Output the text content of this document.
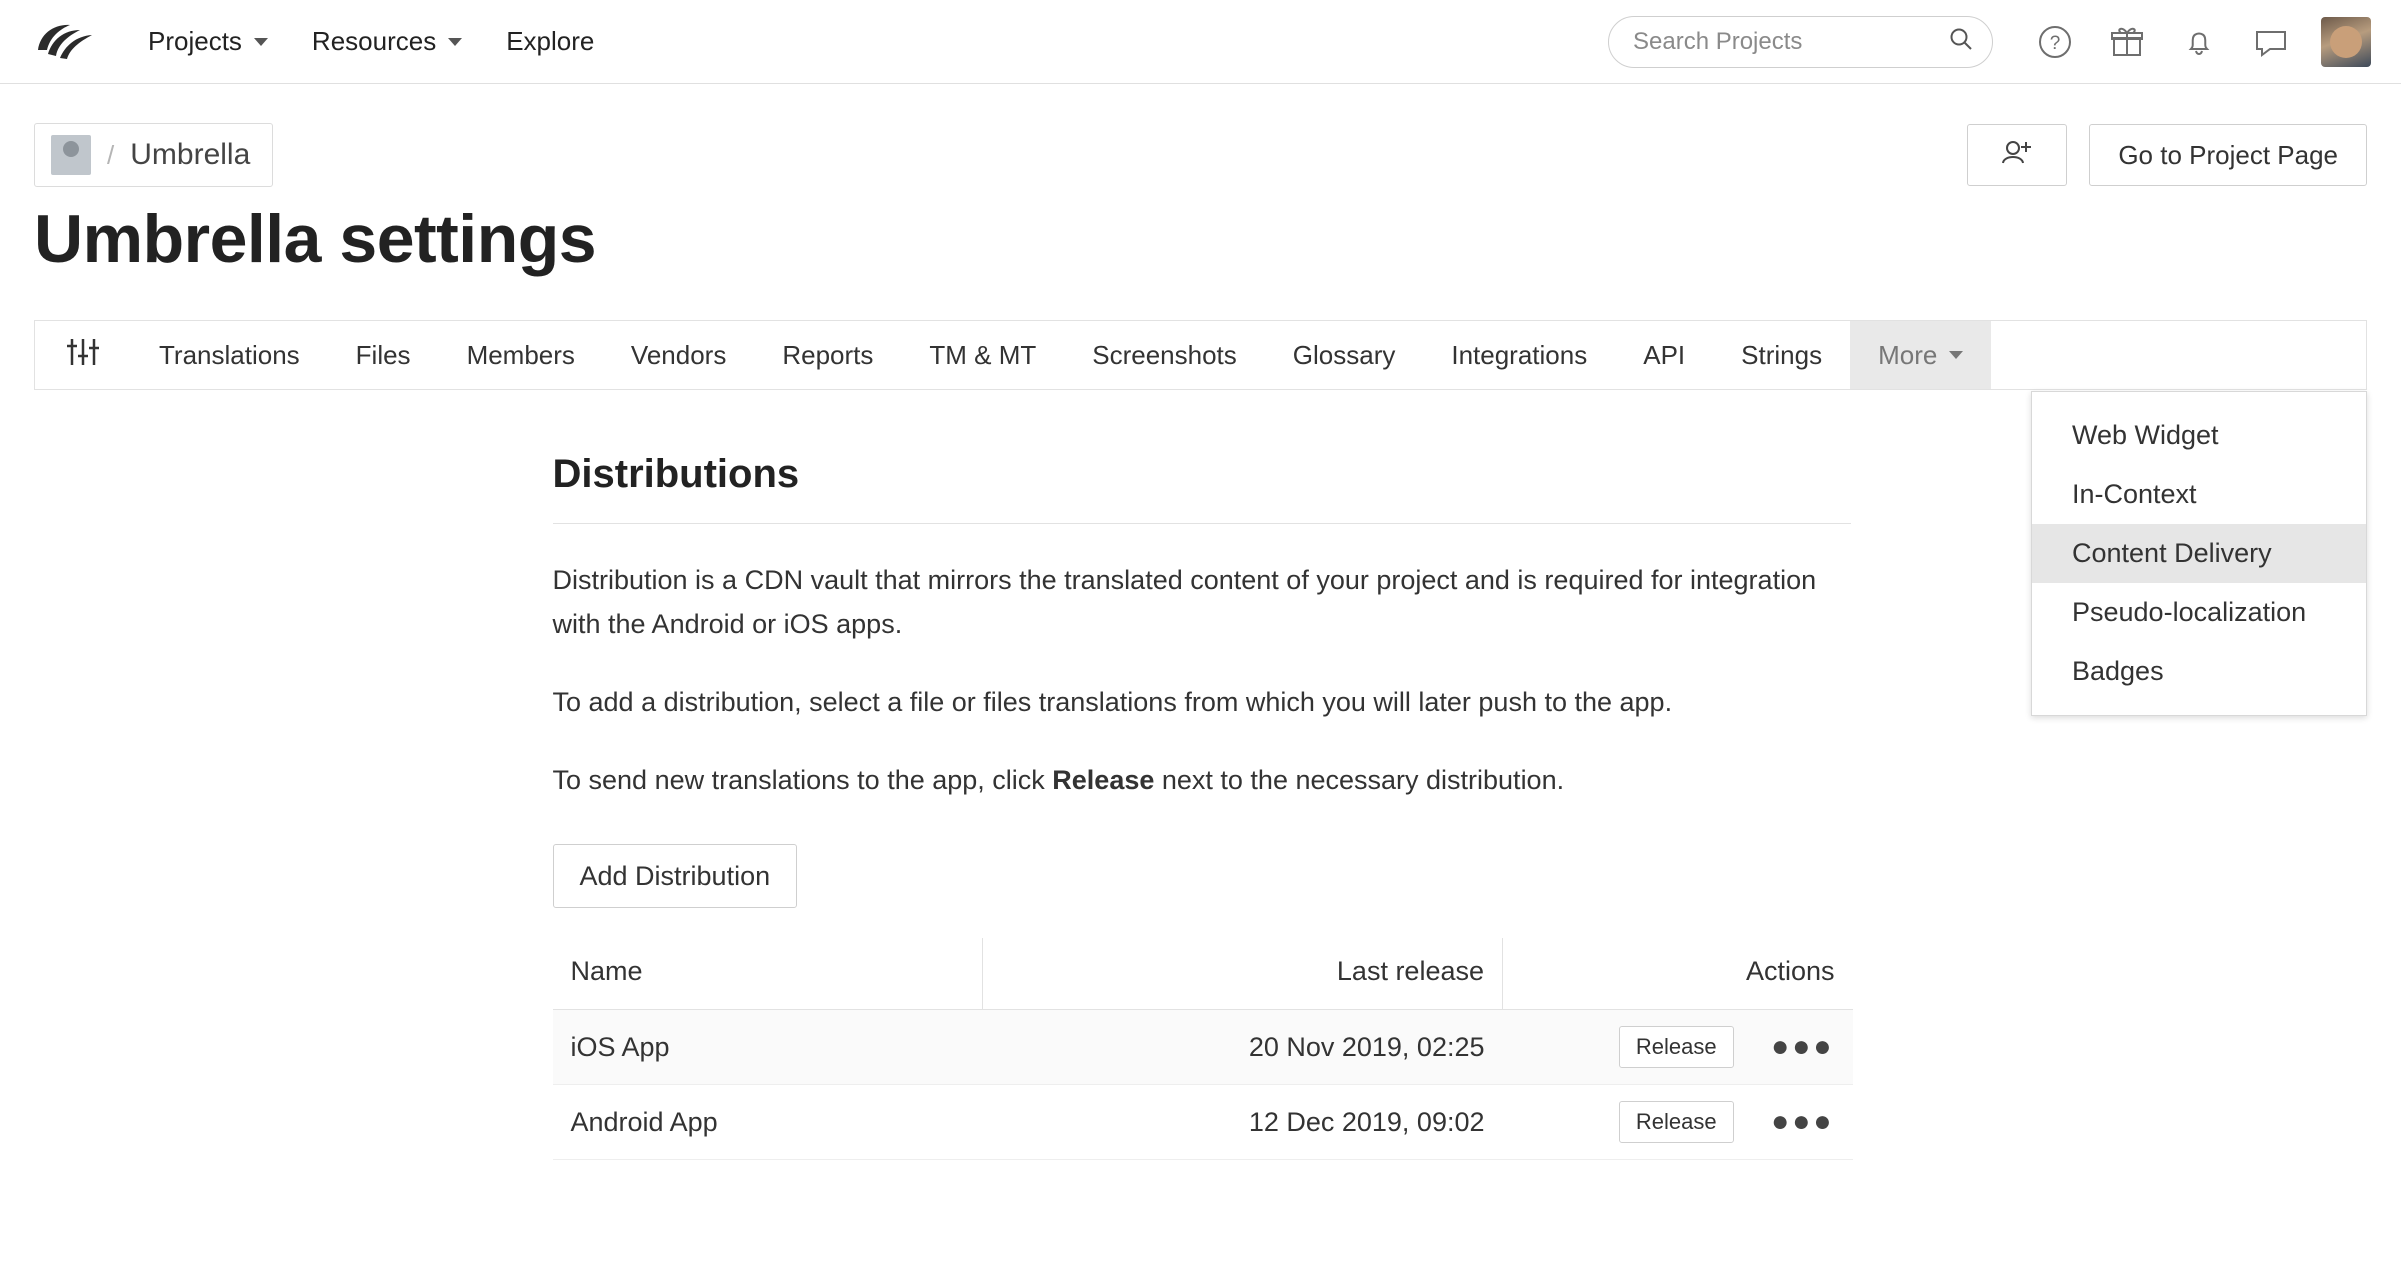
Projects	Resources	Explore
Search Projects	?
/ Umbrella	Go to Project Page
Umbrella settings
Translations Files Members Vendors Reports TM & MT Screenshots Glossary Integrations API Strings More
Web Widget
In-Context
Content Delivery
Pseudo-localization
Badges
Distributions
Distribution is a CDN vault that mirrors the translated content of your project and is required for integration with the Android or iOS apps.
To add a distribution, select a file or files translations from which you will later push to the app.
To send new translations to the app, click Release next to the necessary distribution.
Add Distribution
Name	Last release	Actions
iOS App	20 Nov 2019, 02:25	Release ●●●
Android App	12 Dec 2019, 09:02	Release ●●●
